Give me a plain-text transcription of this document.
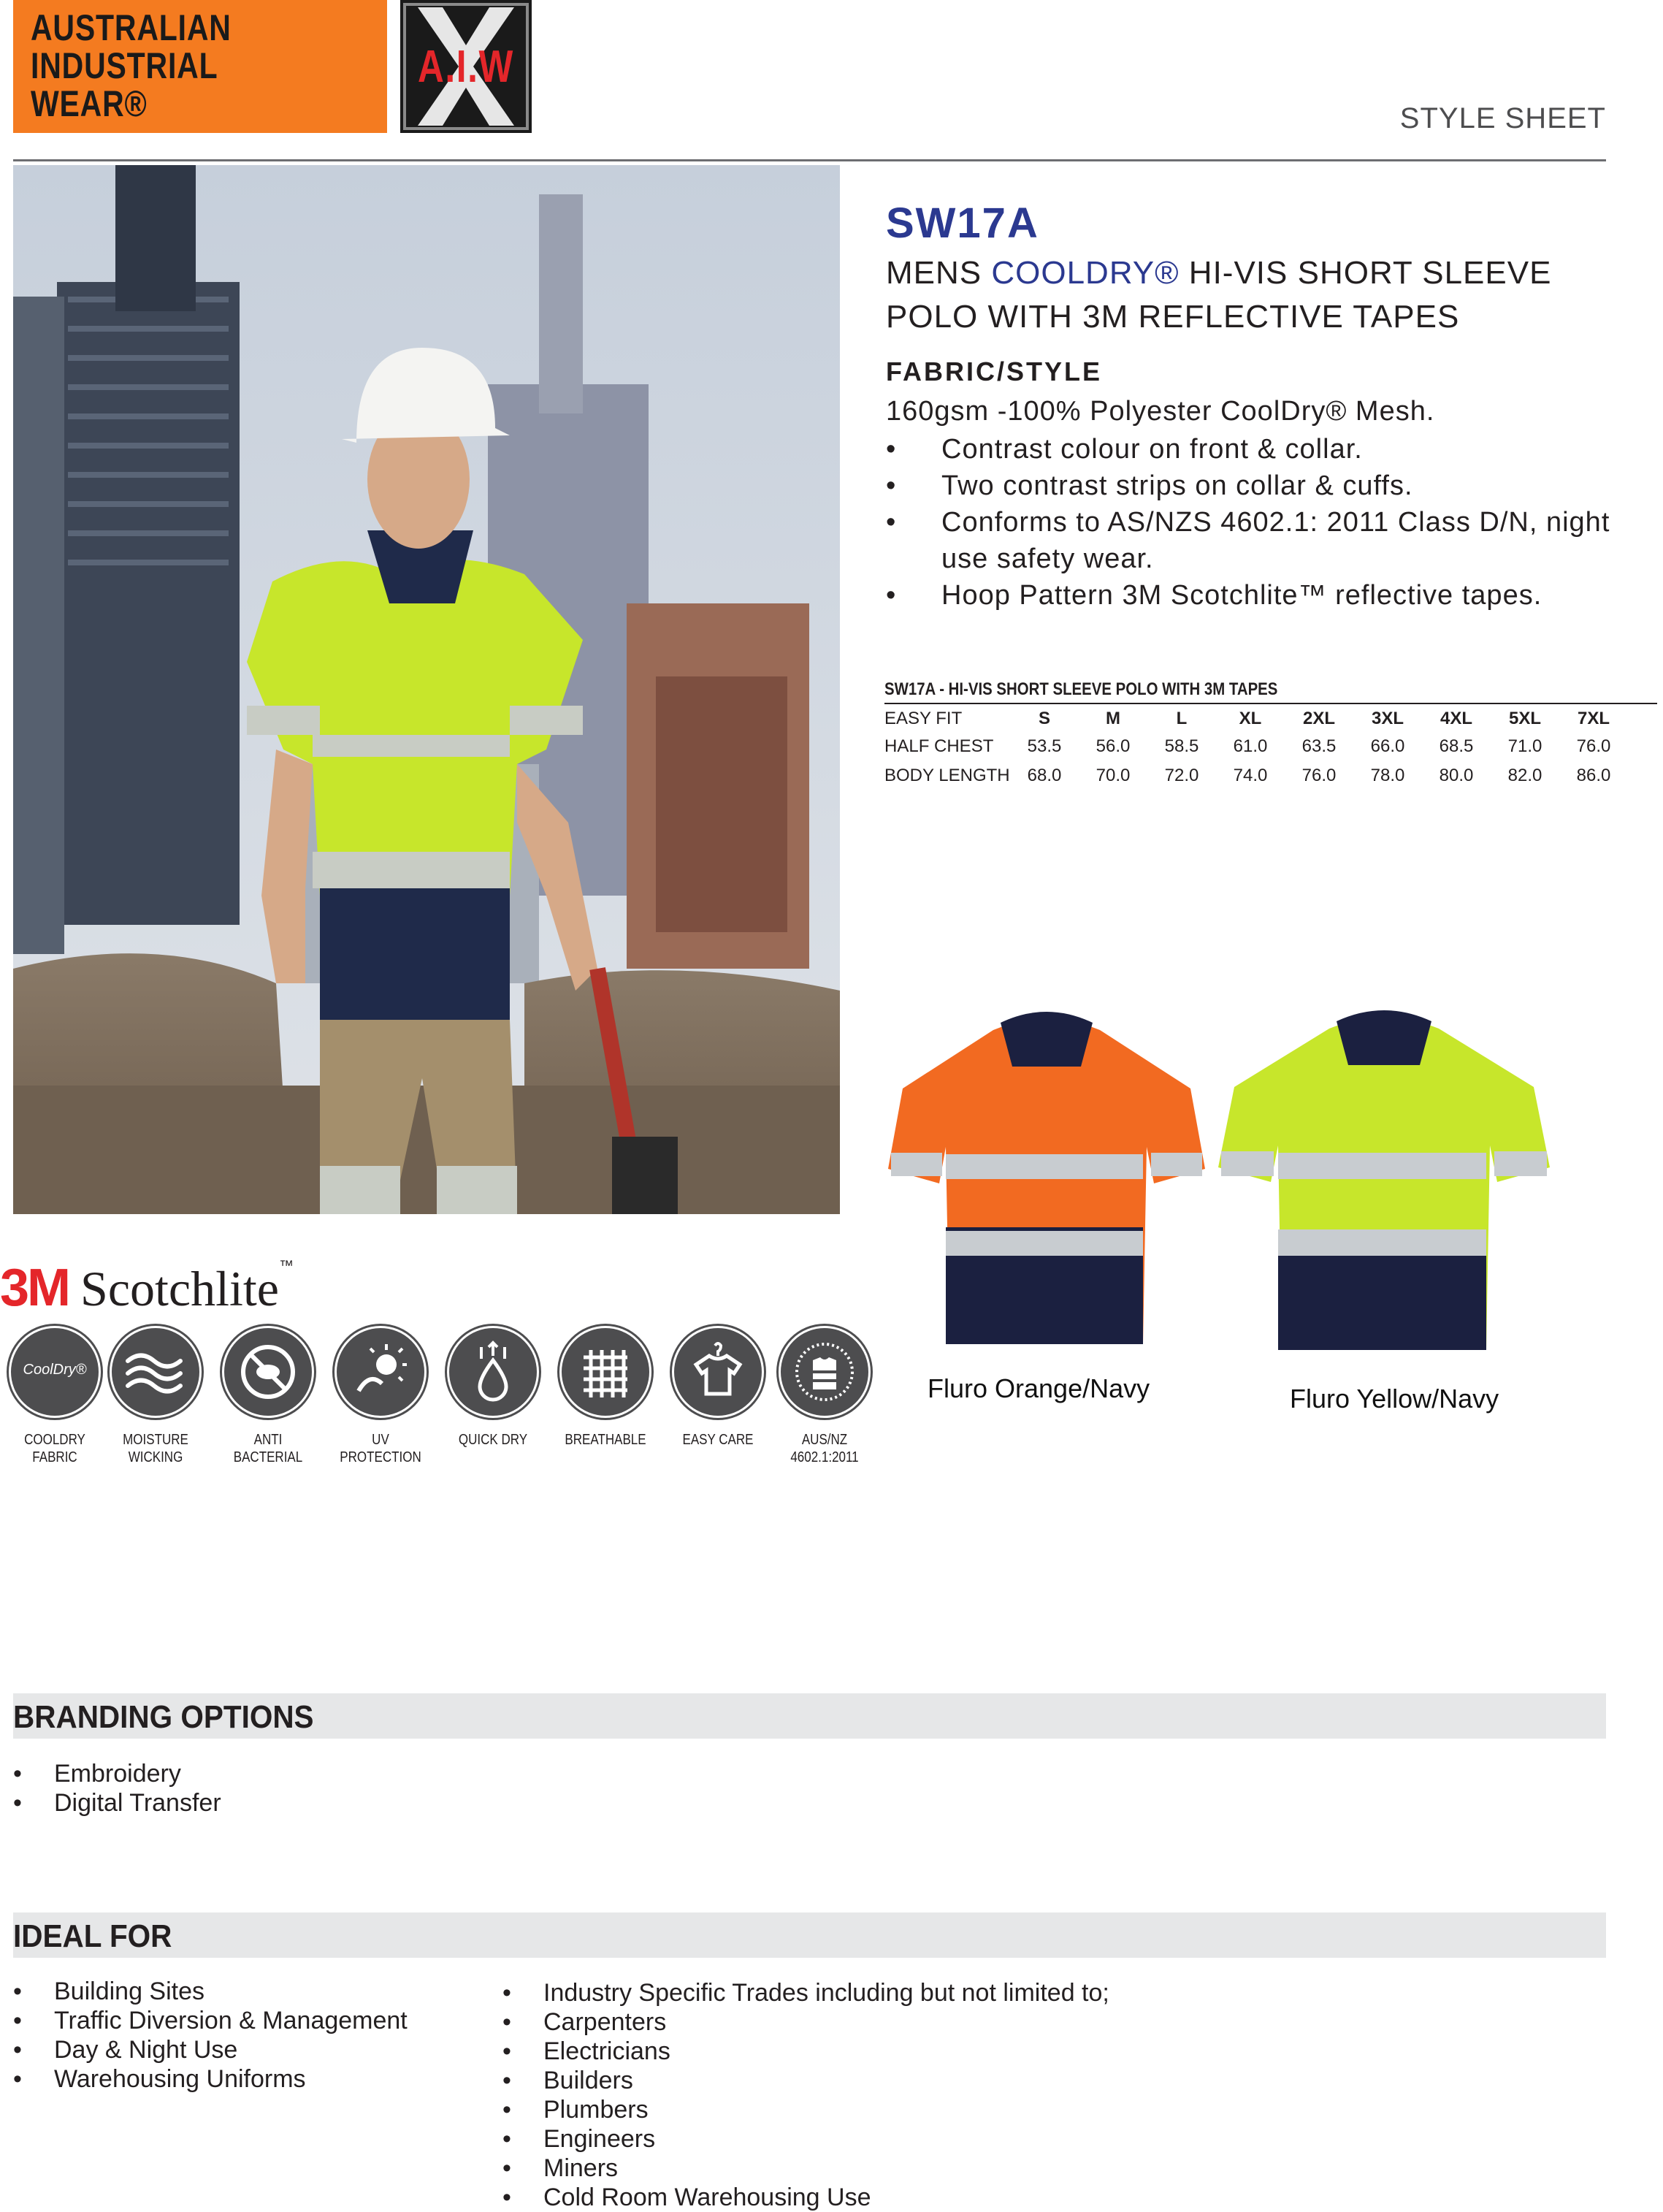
AUSTRALIAN
INDUSTRIAL
WEAR®
A.I.W
STYLE SHEET
SW17A
MENS COOLDRY® HI-VIS SHORT SLEEVE POLO WITH 3M REFLECTIVE TAPES
FABRIC/STYLE
160gsm -100% Polyester CoolDry® Mesh.
• Contrast colour on front & collar.
• Two contrast strips on collar & cuffs.
• Conforms to AS/NZS 4602.1: 2011 Class D/N, night use safety wear.
• Hoop Pattern 3M Scotchlite™ reflective tapes.
SW17A - HI-VIS SHORT SLEEVE POLO WITH 3M TAPES
EASY FIT	S	M	L	XL	2XL	3XL	4XL	5XL	7XL
HALF CHEST	53.5	56.0	58.5	61.0	63.5	66.0	68.5	71.0	76.0
BODY LENGTH	68.0	70.0	72.0	74.0	76.0	78.0	80.0	82.0	86.0
Fluro Orange/Navy	Fluro Yellow/Navy
3M Scotchlite™
CoolDry®
COOLDRY FABRIC
MOISTURE WICKING
ANTI BACTERIAL
UV PROTECTION
QUICK DRY	BREATHABLE	EASY CARE	AUS/NZ 4602.1:2011
BRANDING OPTIONS
• Embroidery
• Digital Transfer
IDEAL FOR
• Building Sites
• Traffic Diversion & Management
• Day & Night Use
• Warehousing Uniforms
• Industry Specific Trades including but not limited to;
• Carpenters
• Electricians
• Builders
• Plumbers
• Engineers
• Miners
• Cold Room Warehousing Use
